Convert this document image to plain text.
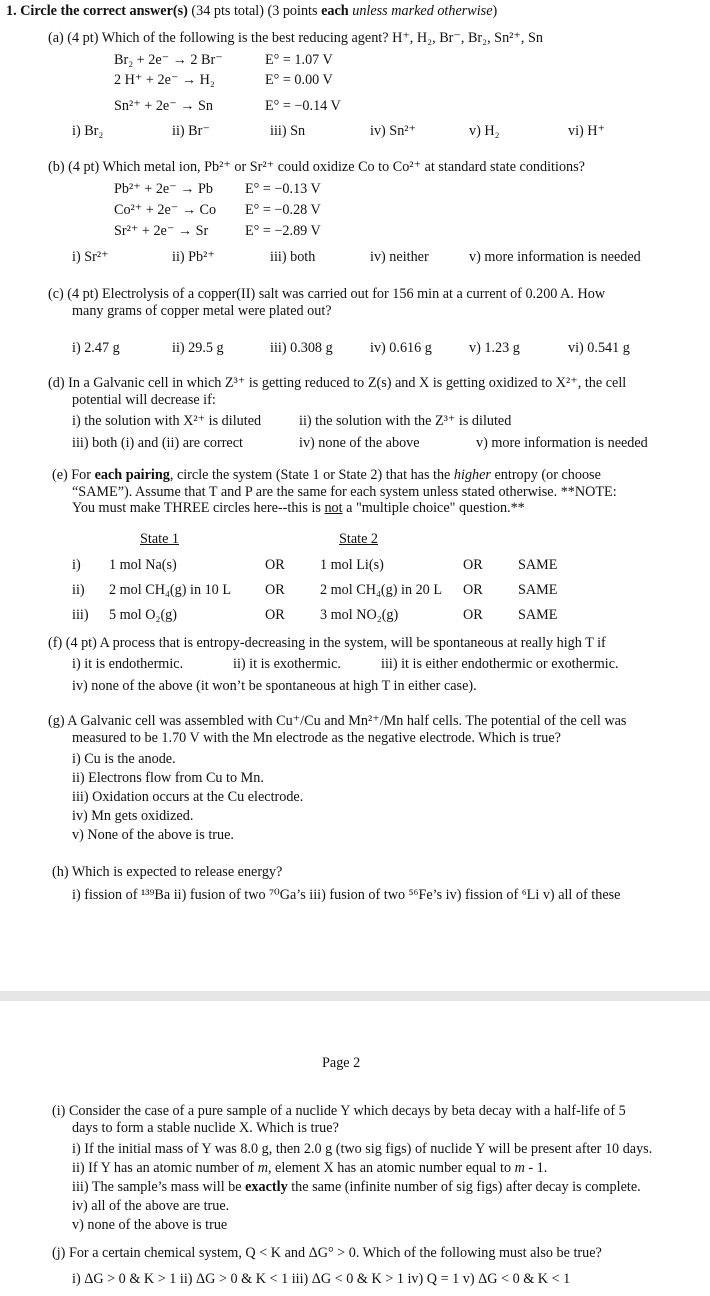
1. Circle the correct answer(s) (34 pts total) (3 points each unless marked otherwise)
(a) (4 pt) Which of the following is the best reducing agent? H⁺, H₂, Br⁻, Br₂, Sn²⁺, Sn
Br₂ + 2e⁻ → 2 Br⁻	E° = 1.07 V
2 H⁺ + 2e⁻ → H₂	E° = 0.00 V
Sn²⁺ + 2e⁻ → Sn	E° = −0.14 V
i) Br₂	ii) Br⁻	iii) Sn	iv) Sn²⁺	v) H₂	vi) H⁺
(b) (4 pt) Which metal ion, Pb²⁺ or Sr²⁺ could oxidize Co to Co²⁺ at standard state conditions?
Pb²⁺ + 2e⁻ → Pb E° = −0.13 V
Co²⁺ + 2e⁻ → Co E° = −0.28 V
Sr²⁺ + 2e⁻ → Sr	E° = −2.89 V
i) Sr²⁺	ii) Pb²⁺	iii) both	iv) neither	v) more information is needed
(c) (4 pt) Electrolysis of a copper(II) salt was carried out for 156 min at a current of 0.200 A. How
many grams of copper metal were plated out?
i) 2.47 g	ii) 29.5 g	iii) 0.308 g	iv) 0.616 g	v) 1.23 g	vi) 0.541 g
(d) In a Galvanic cell in which Z³⁺ is getting reduced to Z(s) and X is getting oxidized to X²⁺, the cell
potential will decrease if:
i) the solution with X²⁺ is diluted	ii) the solution with the Z³⁺ is diluted
iii) both (i) and (ii) are correct	iv) none of the above	v) more information is needed
(e) For each pairing, circle the system (State 1 or State 2) that has the higher entropy (or choose
“SAME”). Assume that T and P are the same for each system unless stated otherwise. **NOTE:
You must make THREE circles here--this is not a "multiple choice" question.**
State 1	State 2
i) 1 mol Na(s)	OR 1 mol Li(s)	OR SAME
ii) 2 mol CH₄(g) in 10 L OR 2 mol CH₄(g) in 20 L OR SAME
iii) 5 mol O₂(g)	OR 3 mol NO₂(g)	OR SAME
(f) (4 pt) A process that is entropy-decreasing in the system, will be spontaneous at really high T if
i) it is endothermic.	ii) it is exothermic.	iii) it is either endothermic or exothermic.
iv) none of the above (it won’t be spontaneous at high T in either case).
(g) A Galvanic cell was assembled with Cu⁺/Cu and Mn²⁺/Mn half cells. The potential of the cell was
measured to be 1.70 V with the Mn electrode as the negative electrode. Which is true?
i) Cu is the anode.
ii) Electrons flow from Cu to Mn.
iii) Oxidation occurs at the Cu electrode.
iv) Mn gets oxidized.
v) None of the above is true.
(h) Which is expected to release energy?
i) fission of ¹³⁹Ba ii) fusion of two ⁷⁰Ga’s iii) fusion of two ⁵⁶Fe’s iv) fission of ⁶Li v) all of these
Page 2
(i) Consider the case of a pure sample of a nuclide Y which decays by beta decay with a half-life of 5
days to form a stable nuclide X. Which is true?
i) If the initial mass of Y was 8.0 g, then 2.0 g (two sig figs) of nuclide Y will be present after 10 days.
ii) If Y has an atomic number of m, element X has an atomic number equal to m - 1.
iii) The sample’s mass will be exactly the same (infinite number of sig figs) after decay is complete.
iv) all of the above are true.
v) none of the above is true
(j) For a certain chemical system, Q < K and ΔG° > 0. Which of the following must also be true?
i) ΔG > 0 & K > 1 ii) ΔG > 0 & K < 1 iii) ΔG < 0 & K > 1 iv) Q = 1 v) ΔG < 0 & K < 1
